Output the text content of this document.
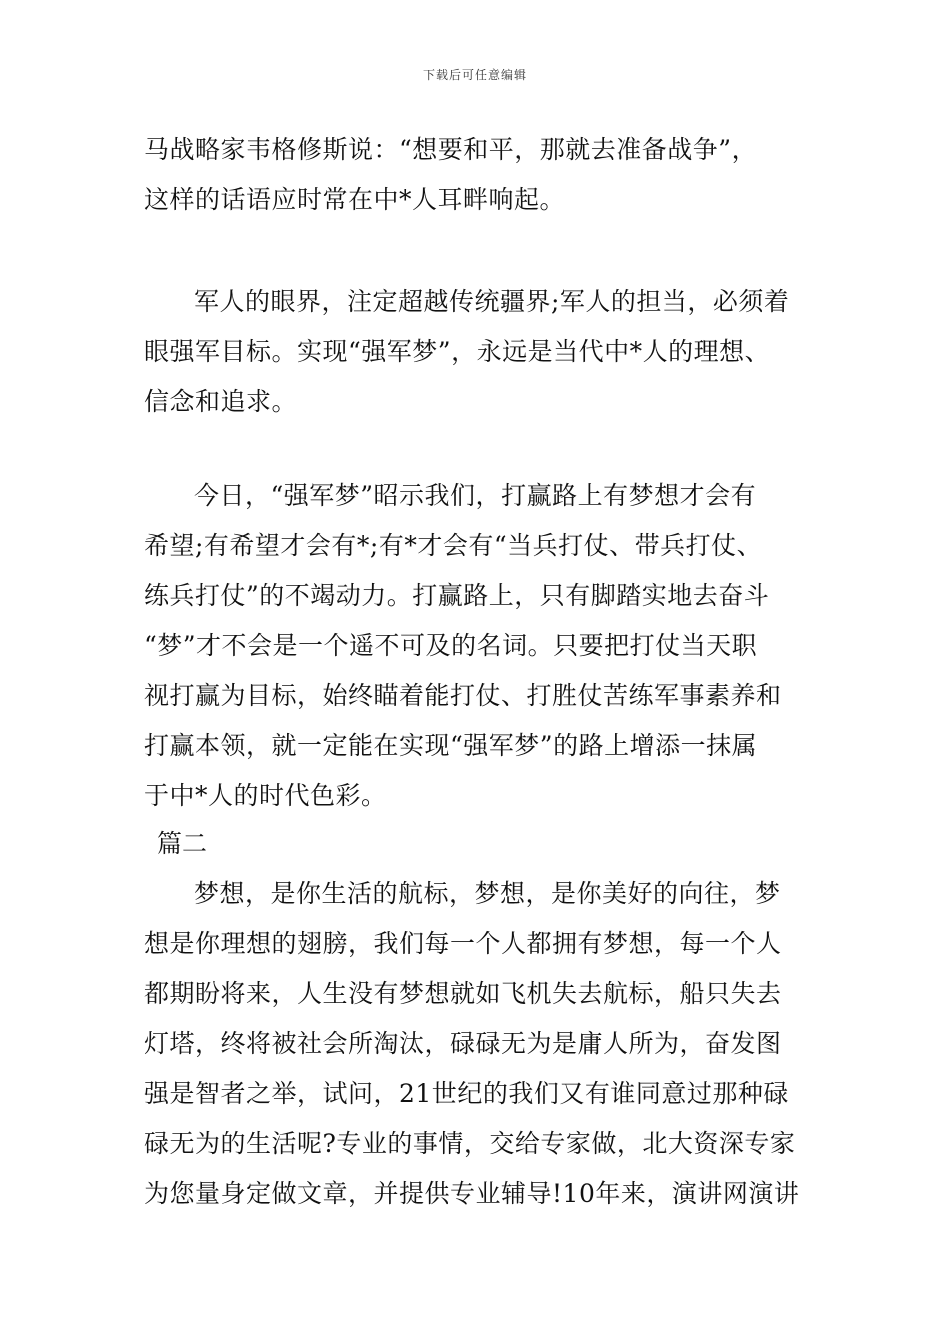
下载后可任意编辑
马战略家韦格修斯说：“想要和平，那就去准备战争”，
这样的话语应时常在中*人耳畔响起。
军人的眼界，注定超越传统疆界;军人的担当，必须着
眼强军目标。实现“强军梦”，永远是当代中*人的理想、
信念和追求。
今日，“强军梦”昭示我们，打赢路上有梦想才会有
希望;有希望才会有*;有*才会有“当兵打仗、带兵打仗、
练兵打仗”的不竭动力。打赢路上，只有脚踏实地去奋斗
“梦”才不会是一个遥不可及的名词。只要把打仗当天职
视打赢为目标，始终瞄着能打仗、打胜仗苦练军事素养和
打赢本领，就一定能在实现“强军梦”的路上增添一抹属
于中*人的时代色彩。
篇二
梦想，是你生活的航标，梦想，是你美好的向往，梦
想是你理想的翅膀，我们每一个人都拥有梦想，每一个人
都期盼将来，人生没有梦想就如飞机失去航标，船只失去
灯塔，终将被社会所淘汰，碌碌无为是庸人所为，奋发图
强是智者之举，试问，21世纪的我们又有谁同意过那种碌
碌无为的生活呢?专业的事情，交给专家做，北大资深专家
为您量身定做文章，并提供专业辅导!10年来，演讲网演讲
